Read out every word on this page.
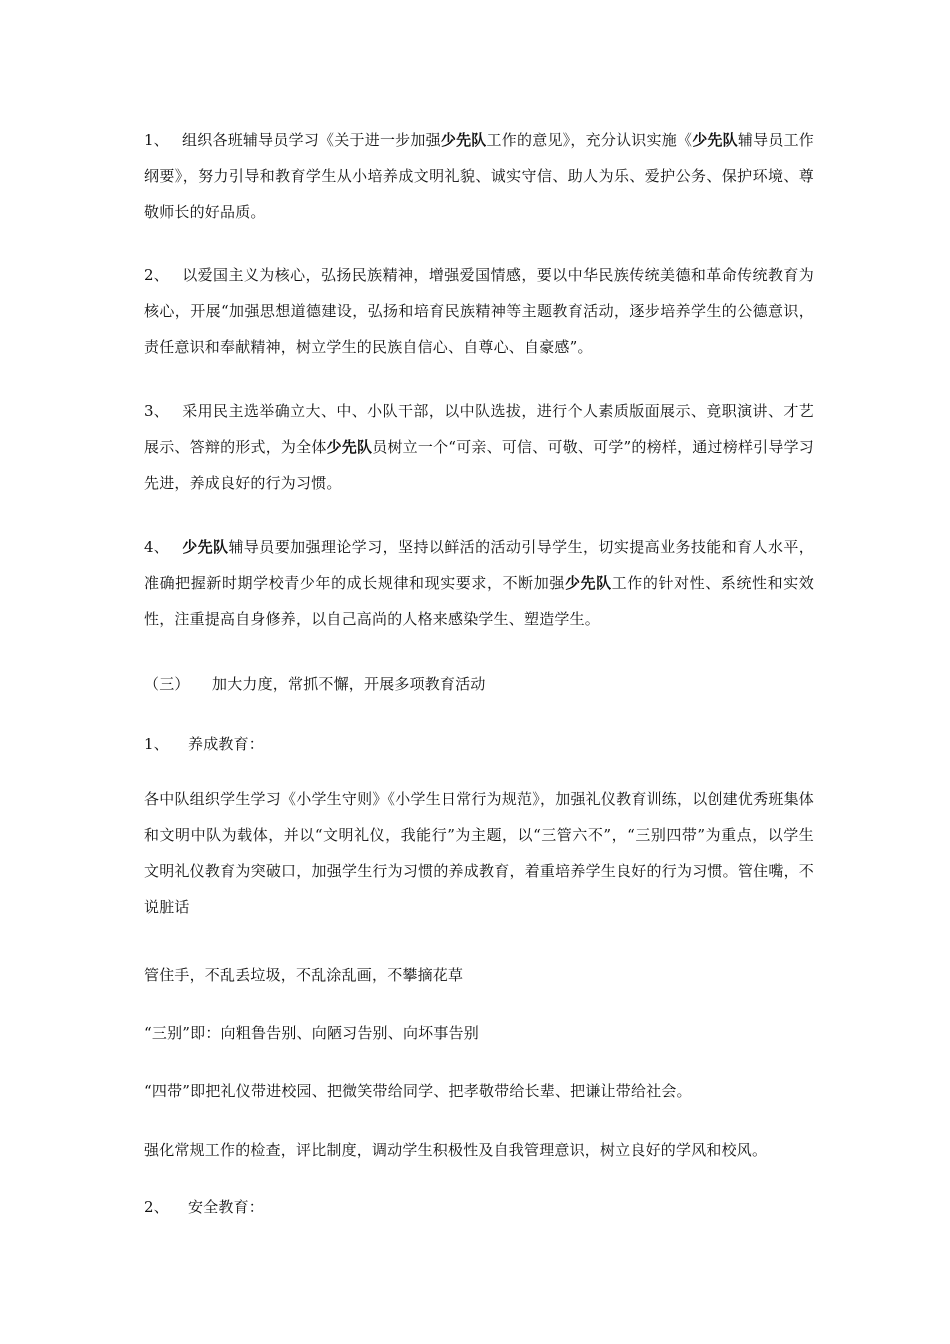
1、 组织各班辅导员学习《关于进一步加强少先队工作的意见》，充分认识实施《少先队辅导员工作纲要》，努力引导和教育学生从小培养成文明礼貌、诚实守信、助人为乐、爱护公务、保护环境、尊敬师长的好品质。

2、 以爱国主义为核心，弘扬民族精神，增强爱国情感，要以中华民族传统美德和革命传统教育为核心，开展“加强思想道德建设，弘扬和培育民族精神等主题教育活动，逐步培养学生的公德意识，责任意识和奉献精神，树立学生的民族自信心、自尊心、自豪感”。

3、 采用民主选举确立大、中、小队干部，以中队选拔，进行个人素质版面展示、竟职演讲、才艺展示、答辩的形式，为全体少先队员树立一个“可亲、可信、可敬、可学”的榜样，通过榜样引导学习先进，养成良好的行为习惯。

4、 少先队辅导员要加强理论学习，坚持以鲜活的活动引导学生，切实提高业务技能和育人水平，准确把握新时期学校青少年的成长规律和现实要求，不断加强少先队工作的针对性、系统性和实效性，注重提高自身修养，以自己高尚的人格来感染学生、塑造学生。

（三） 加大力度，常抓不懈，开展多项教育活动

1、 养成教育：

各中队组织学生学习《小学生守则》《小学生日常行为规范》，加强礼仪教育训练，以创建优秀班集体和文明中队为载体，并以“文明礼仪，我能行”为主题，以“三管六不”，“三别四带”为重点，以学生文明礼仪教育为突破口，加强学生行为习惯的养成教育，着重培养学生良好的行为习惯。管住嘴，不说脏话

管住手，不乱丢垃圾，不乱涂乱画，不攀摘花草

“三别”即：向粗鲁告别、向陋习告别、向坏事告别

“四带”即把礼仪带进校园、把微笑带给同学、把孝敬带给长辈、把谦让带给社会。

强化常规工作的检查，评比制度，调动学生积极性及自我管理意识，树立良好的学风和校风。

2、 安全教育：
